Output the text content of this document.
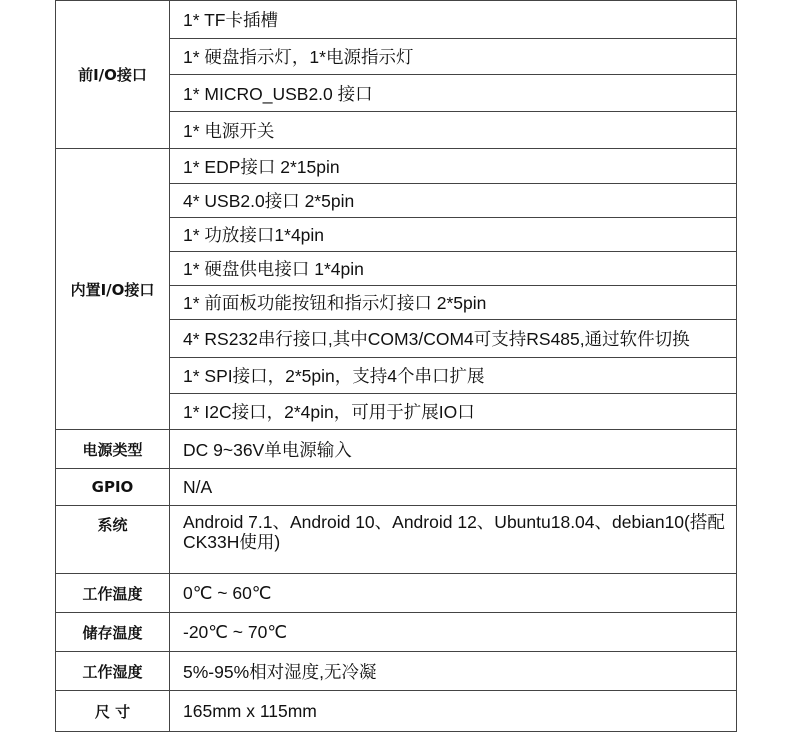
前I/O接口	1* TF卡插槽
	1* 硬盘指示灯，1*电源指示灯
	1* MICRO_USB2.0 接口
	1* 电源开关
内置I/O接口	1* EDP接口 2*15pin
	4* USB2.0接口 2*5pin
	1* 功放接口1*4pin
	1* 硬盘供电接口 1*4pin
	1* 前面板功能按钮和指示灯接口 2*5pin
	4* RS232串行接口,其中COM3/COM4可支持RS485,通过软件切换
	1* SPI接口，2*5pin，支持4个串口扩展
	1* I2C接口，2*4pin，可用于扩展IO口
电源类型	DC 9~36V单电源输入
GPIO	N/A
系统	Android 7.1、Android 10、Android 12、Ubuntu18.04、debian10(搭配CK33H使用)
工作温度	0℃ ~ 60℃
储存温度	-20℃ ~ 70℃
工作湿度	5%-95%相对湿度,无冷凝
尺 寸	165mm x 115mm
